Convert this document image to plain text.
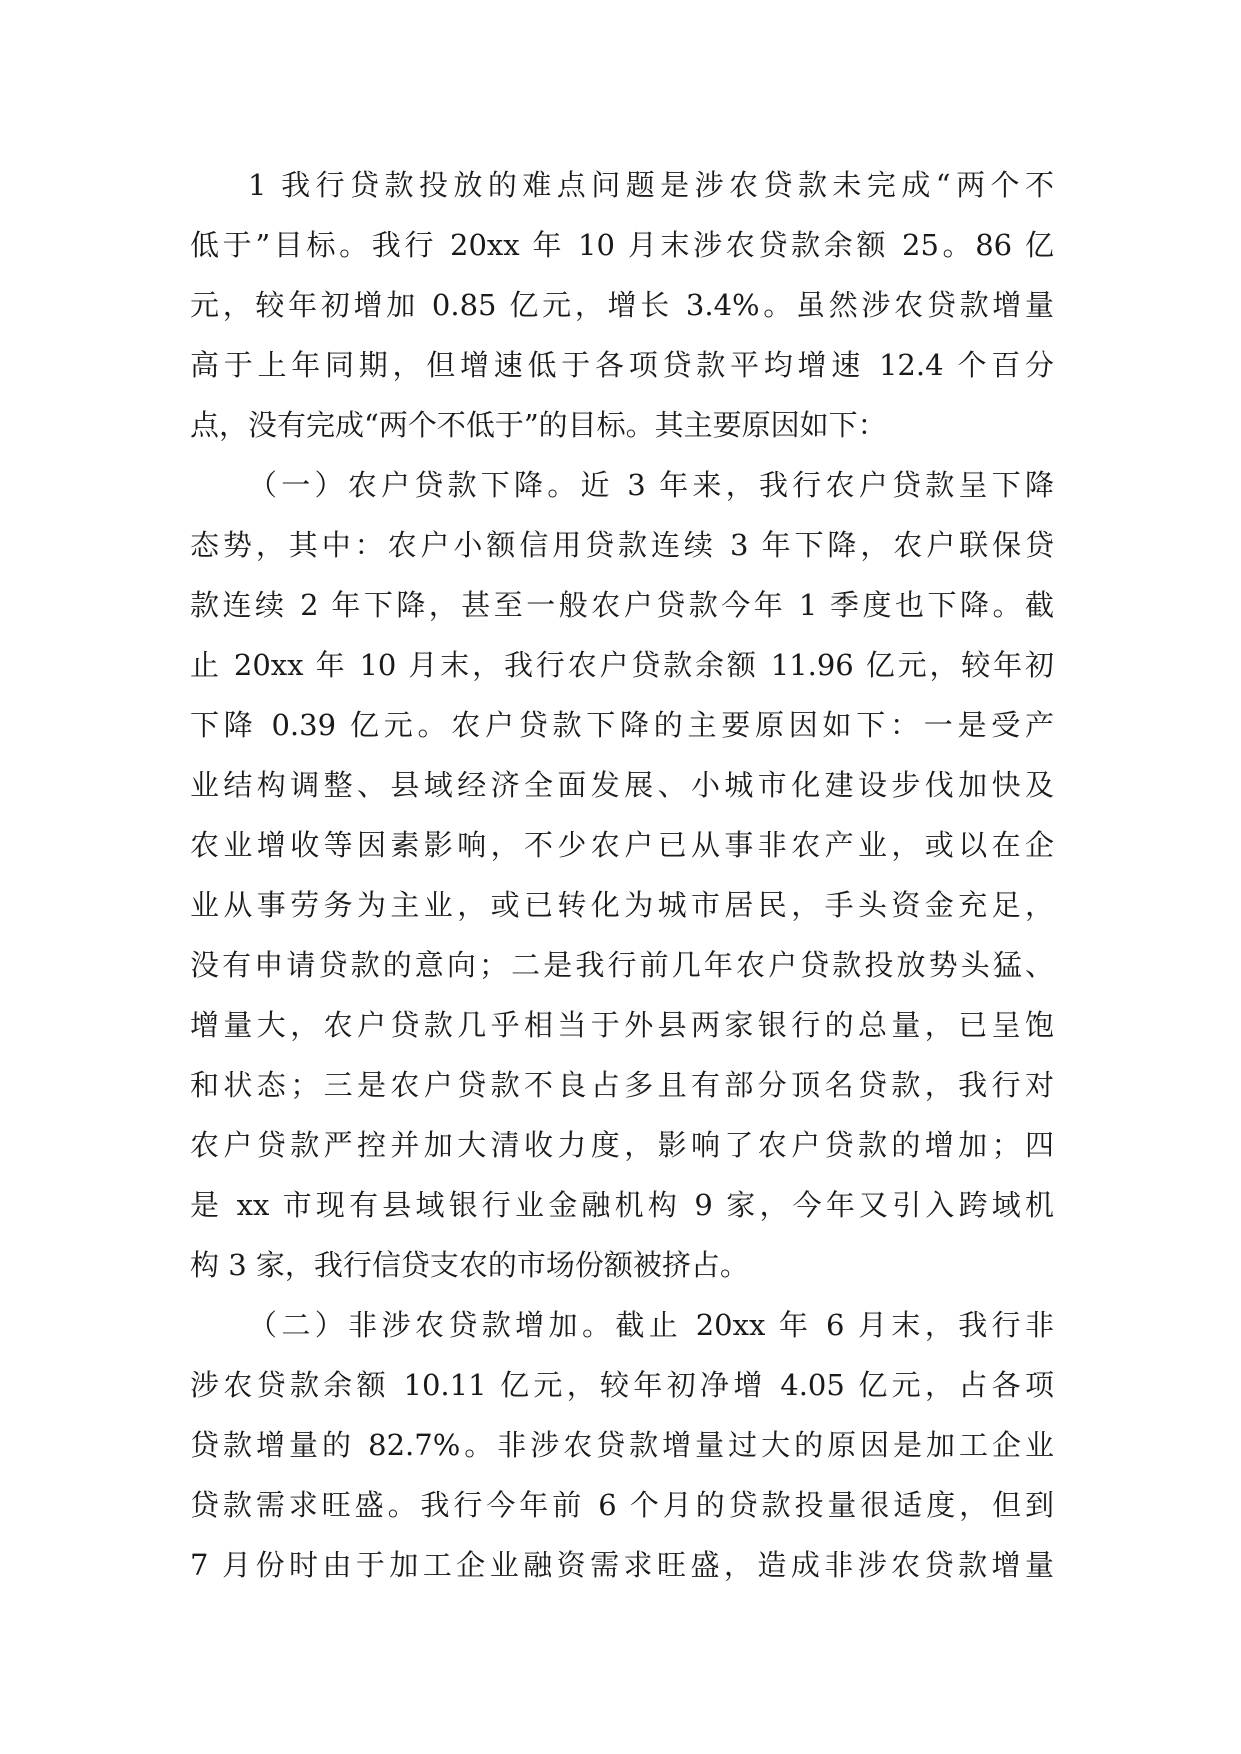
1 我行贷款投放的难点问题是涉农贷款未完成“两个不
低于”目标。我行 20xx 年 10 月末涉农贷款余额 25。86 亿
元，较年初增加 0.85 亿元，增长 3.4%。虽然涉农贷款增量
高于上年同期，但增速低于各项贷款平均增速 12.4 个百分
点，没有完成“两个不低于”的目标。其主要原因如下：
（一）农户贷款下降。近 3 年来，我行农户贷款呈下降
态势，其中：农户小额信用贷款连续 3 年下降，农户联保贷
款连续 2 年下降，甚至一般农户贷款今年 1 季度也下降。截
止 20xx 年 10 月末，我行农户贷款余额 11.96 亿元，较年初
下降 0.39 亿元。农户贷款下降的主要原因如下：一是受产
业结构调整、县域经济全面发展、小城市化建设步伐加快及
农业增收等因素影响，不少农户已从事非农产业，或以在企
业从事劳务为主业，或已转化为城市居民，手头资金充足，
没有申请贷款的意向；二是我行前几年农户贷款投放势头猛、
增量大，农户贷款几乎相当于外县两家银行的总量，已呈饱
和状态；三是农户贷款不良占多且有部分顶名贷款，我行对
农户贷款严控并加大清收力度，影响了农户贷款的增加；四
是 xx 市现有县域银行业金融机构 9 家，今年又引入跨域机
构 3 家，我行信贷支农的市场份额被挤占。
（二）非涉农贷款增加。截止 20xx 年 6 月末，我行非
涉农贷款余额 10.11 亿元，较年初净增 4.05 亿元，占各项
贷款增量的 82.7%。非涉农贷款增量过大的原因是加工企业
贷款需求旺盛。我行今年前 6 个月的贷款投量很适度，但到
7 月份时由于加工企业融资需求旺盛，造成非涉农贷款增量
